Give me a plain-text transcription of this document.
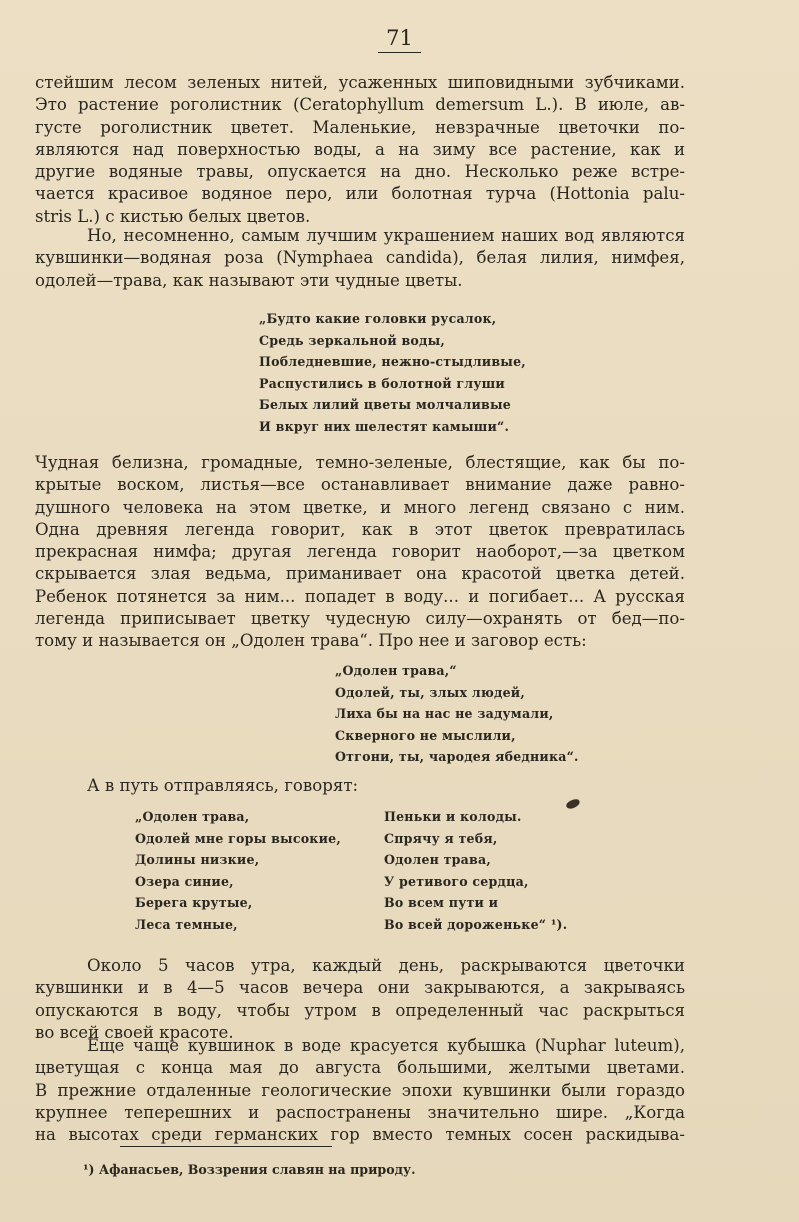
71

стейшим лесом зеленых нитей, усаженных шиповидными зубчиками.

Это растение роголистник (Ceratophyllum demersum L.). В июле, ав-

густе роголистник цветет. Маленькие, невзрачные цветочки по-

являются над поверхностью воды, а на зиму все растение, как и

другие водяные травы, опускается на дно. Несколько реже встре-

чается красивое водяное перо, или болотная турча (Hottonia palu-

stris L.) с кистью белых цветов.

Но, несомненно, самым лучшим украшением наших вод являются

кувшинки—водяная роза (Nymphaea candida), белая лилия, нимфея,

одолей—трава, как называют эти чудные цветы.

„Будто какие головки русалок,
Средь зеркальной воды,
Побледневшие, нежно-стыдливые,
Распустились в болотной глуши
Белых лилий цветы молчаливые
И вкруг них шелестят камыши“.

Чудная белизна, громадные, темно-зеленые, блестящие, как бы по-

крытые воском, листья—все останавливает внимание даже равно-

душного человека на этом цветке, и много легенд связано с ним.

Одна древняя легенда говорит, как в этот цветок превратилась

прекрасная нимфа; другая легенда говорит наоборот,—за цветком

скрывается злая ведьма, приманивает она красотой цветка детей.

Ребенок потянется за ним... попадет в воду... и погибает... А русская

легенда приписывает цветку чудесную силу—охранять от бед—по-

тому и называется он „Одолен трава“. Про нее и заговор есть:

„Одолен трава,“
Одолей, ты, злых людей,
Лиха бы на нас не задумали,
Скверного не мыслили,
Отгони, ты, чародея ябедника“.
А в путь отправляясь, говорят:
„Одолен трава,
Одолей мне горы высокие,
Долины низкие,
Озера синие,
Берега крутые,
Леса темные,
Пеньки и колоды.
Спрячу я тебя,
Одолен трава,
У ретивого сердца,
Во всем пути и
Во всей дороженьке“ ¹).

Около 5 часов утра, каждый день, раскрываются цветочки

кувшинки и в 4—5 часов вечера они закрываются, а закрываясь

опускаются в воду, чтобы утром в определенный час раскрыться

во всей своей красоте.

Еще чаще кувшинок в воде красуется кубышка (Nuphar luteum),

цветущая с конца мая до августа большими, желтыми цветами.

В прежние отдаленные геологические эпохи кувшинки были гораздо

крупнее теперешних и распостранены значительно шире. „Когда

на высотах среди германских гор вместо темных сосен раскидыва-

¹) Афанасьев, Воззрения славян на природу.
